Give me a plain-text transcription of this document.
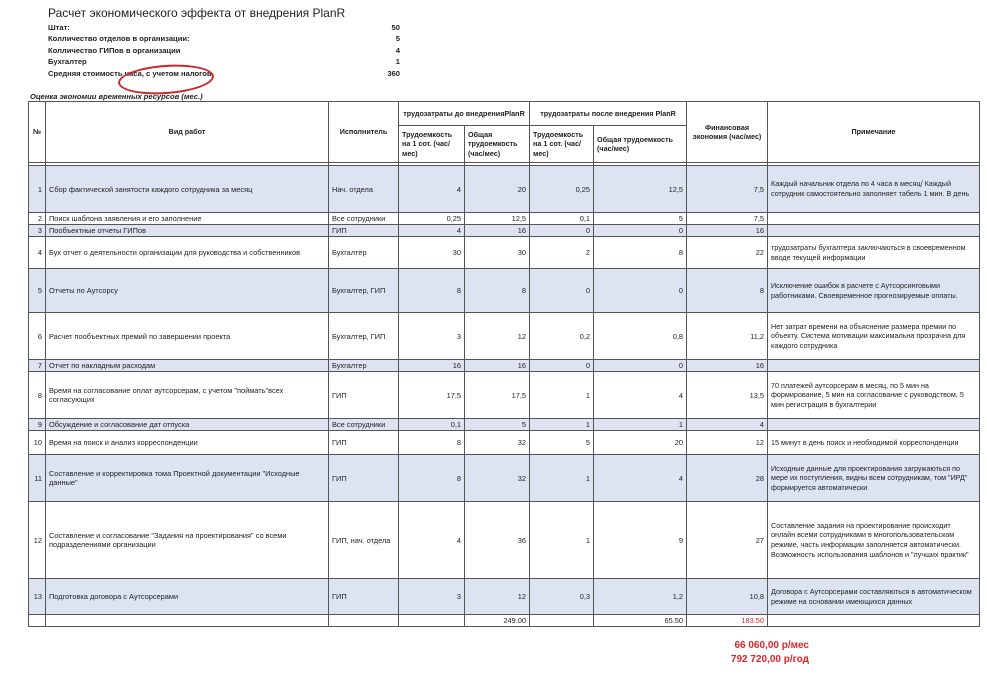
Расчет экономического эффекта от внедрения PlanR
Штат:	50
Колличество отделов в организации:	5
Колличество ГИПов в организации	4
Бухгалтер	1
Средняя стоимость часа, с учетом налогов.	360
Оценка экономии временных ресурсов (мес.)
№	Вид работ	Исполнитель	трудозатраты до внедренияPlanR		трудозатраты после внедрения PlanR		Финансовая экономия (час/мес)	Примечание
			Трудоемкость на 1 сот. (час/мес)	Общая трудоемкость (час/мес)	Трудоемкость на 1 сот. (час/мес)	Общая трудоемкость (час/мес)		

1	Сбор фактической занятости каждого сотрудника за месяц	Нач. отдела	4	20	0,25	12,5	7,5	Каждый начальник отдела по 4 часа в месяц/ Каждый сотрудник самостоятельно заполняет табель 1 мин. В день
2	Поиск шаблона заявления и его заполнение	Все сотрудники	0,25	12,5	0,1	5	7,5	
3	Пообъектные отчеты ГИПов	ГИП	4	16	0	0	16	
4	Бух отчет о деятельности организации для руководства и собственников	Бухгалтер	30	30	2	8	22	трудозатраты бухгалтера заключаються в своевременном вводе текущей информации
5	Отчеты по Аутсорсу	Бухгалтер, ГИП	8	8	0	0	8	Исключение ошибок в расчете с Аутсорсинговыми работниками. Своевременное прогнозируемые оплаты.
6	Расчет пообъектных премий по завершении проекта	Бухгалтер, ГИП	3	12	0,2	0,8	11,2	Нет затрат времени на объяснение размера премии по объекту. Система мотивации максимальна прозрачна для каждого сотрудника
7	Отчет по накладным расходам	Бухгалтер	16	16	0	0	16	
8	Время на согласование оплат аутсорсерам, с учетом "поймать"всех согласующих	ГИП	17,5	17,5	1	4	13,5	70 платежей аутсорсерам в месяц, по 5 мин на формирование, 5 мин на согласование с руководством, 5 мин регистрация в бухгалтерии
9	Обсуждение и согласование дат отпуска	Все сотрудники	0,1	5	1	1	4	
10	Время на поиск и анализ корреспонденции	ГИП	8	32	5	20	12	15 минут в день поиск и необходимой корреспонденции
11	Составление и корректировка тома Проектной документации "Исходные данные"	ГИП	8	32	1	4	28	Исходные данные для проектирования загружаються по мере их поступления, видны всем сотрудникам, том "ИРД" формируется автоматически
12	Составление и согласование "Задания на проектирования" со всеми подразделениями организации	ГИП, нач. отдела	4	36	1	9	27	Составление задания на проектирование происходит онлайн всеми сотрудниками в многопользовательском режиме, часть информации заполняется автоматически. Возможность использования шаблонов и "лучших практик"
13	Подготовка договора с Аутсорсерами	ГИП	3	12	0,3	1,2	10,8	Договора с Аутсорсерами составляються в автоматическом режиме на основании имеющихся данных
				249.00		65.50	183.50	
66 060,00 р/мес
792 720,00 р/год
